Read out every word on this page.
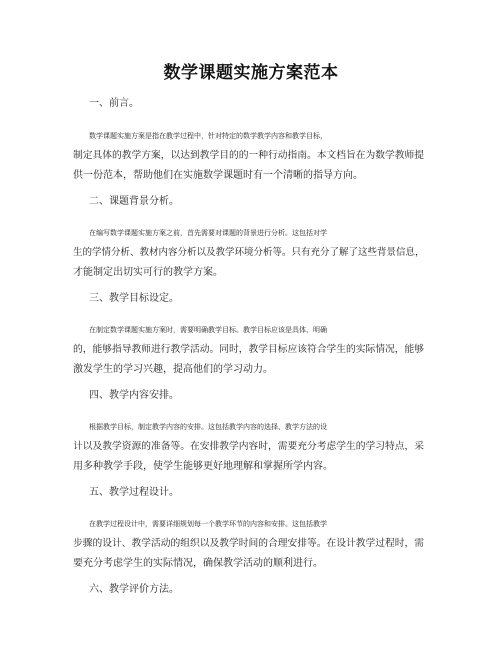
数学课题实施方案范本
一、前言。
数学课题实施方案是指在教学过程中，针对特定的数学教学内容和教学目标，
制定具体的教学方案，以达到教学目的的一种行动指南。本文档旨在为数学教师提
供一份范本，帮助他们在实施数学课题时有一个清晰的指导方向。
二、课题背景分析。
在编写数学课题实施方案之前，首先需要对课题的背景进行分析。这包括对学
生的学情分析、教材内容分析以及教学环境分析等。只有充分了解了这些背景信息，
才能制定出切实可行的教学方案。
三、教学目标设定。
在制定数学课题实施方案时，需要明确教学目标。教学目标应该是具体、明确
的，能够指导教师进行教学活动。同时，教学目标应该符合学生的实际情况，能够
激发学生的学习兴趣，提高他们的学习动力。
四、教学内容安排。
根据教学目标，制定教学内容的安排。这包括教学内容的选择、教学方法的设
计以及教学资源的准备等。在安排教学内容时，需要充分考虑学生的学习特点，采
用多种教学手段，使学生能够更好地理解和掌握所学内容。
五、教学过程设计。
在教学过程设计中，需要详细规划每一个教学环节的内容和安排。这包括教学
步骤的设计、教学活动的组织以及教学时间的合理安排等。在设计教学过程时，需
要充分考虑学生的实际情况，确保教学活动的顺利进行。
六、教学评价方法。
